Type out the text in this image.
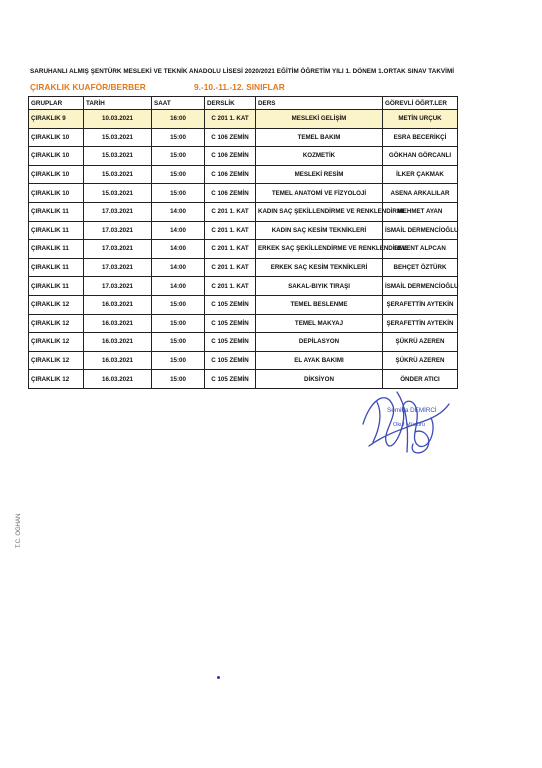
SARUHANLI ALMIŞ ŞENTÜRK MESLEKİ VE TEKNİK ANADOLU LİSESİ 2020/2021 EĞİTİM ÖĞRETİM YILI 1. DÖNEM 1.ORTAK SINAV TAKVİMİ
ÇIRAKLIK KUAFÖR/BERBER	9.-10.-11.-12. SINIFLAR
GRUPLAR	TARİH	SAAT	DERSLİK	DERS	GÖREVLİ ÖĞRT.LER
ÇIRAKLIK 9	10.03.2021	16:00	C 201 1. KAT	MESLEKİ GELİŞİM	METİN URÇUK
ÇIRAKLIK 10	15.03.2021	15:00	C 106 ZEMİN	TEMEL BAKIM	ESRA BECERİKÇİ
ÇIRAKLIK 10	15.03.2021	15:00	C 106 ZEMİN	KOZMETİK	GÖKHAN GÖRCANLI
ÇIRAKLIK 10	15.03.2021	15:00	C 106 ZEMİN	MESLEKİ RESİM	İLKER ÇAKMAK
ÇIRAKLIK 10	15.03.2021	15:00	C 106 ZEMİN	TEMEL ANATOMİ VE FİZYOLOJİ	ASENA ARKALILAR
ÇIRAKLIK 11	17.03.2021	14:00	C 201 1. KAT	KADIN SAÇ ŞEKİLLENDİRME VE RENKLENDİRME	MEHMET AYAN
ÇIRAKLIK 11	17.03.2021	14:00	C 201 1. KAT	KADIN SAÇ KESİM TEKNİKLERİ	İSMAİL DERMENCİOĞLU
ÇIRAKLIK 11	17.03.2021	14:00	C 201 1. KAT	ERKEK SAÇ ŞEKİLLENDİRME VE RENKLENDİRME	LEVENT ALPCAN
ÇIRAKLIK 11	17.03.2021	14:00	C 201 1. KAT	ERKEK SAÇ KESİM TEKNİKLERİ	BEHÇET ÖZTÜRK
ÇIRAKLIK 11	17.03.2021	14:00	C 201 1. KAT	SAKAL-BIYIK TIRAŞI	İSMAİL DERMENCİOĞLU
ÇIRAKLIK 12	16.03.2021	15:00	C 105 ZEMİN	TEMEL BESLENME	ŞERAFETTİN AYTEKİN
ÇIRAKLIK 12	16.03.2021	15:00	C 105 ZEMİN	TEMEL MAKYAJ	ŞERAFETTİN AYTEKİN
ÇIRAKLIK 12	16.03.2021	15:00	C 105 ZEMİN	DEPİLASYON	ŞÜKRÜ AZEREN
ÇIRAKLIK 12	16.03.2021	15:00	C 105 ZEMİN	EL AYAK BAKIMI	ŞÜKRÜ AZEREN
ÇIRAKLIK 12	16.03.2021	15:00	C 105 ZEMİN	DİKSİYON	ÖNDER ATICI
Semiha DEMİRCİ
Okul Müdürü
T.C. OGHAN
